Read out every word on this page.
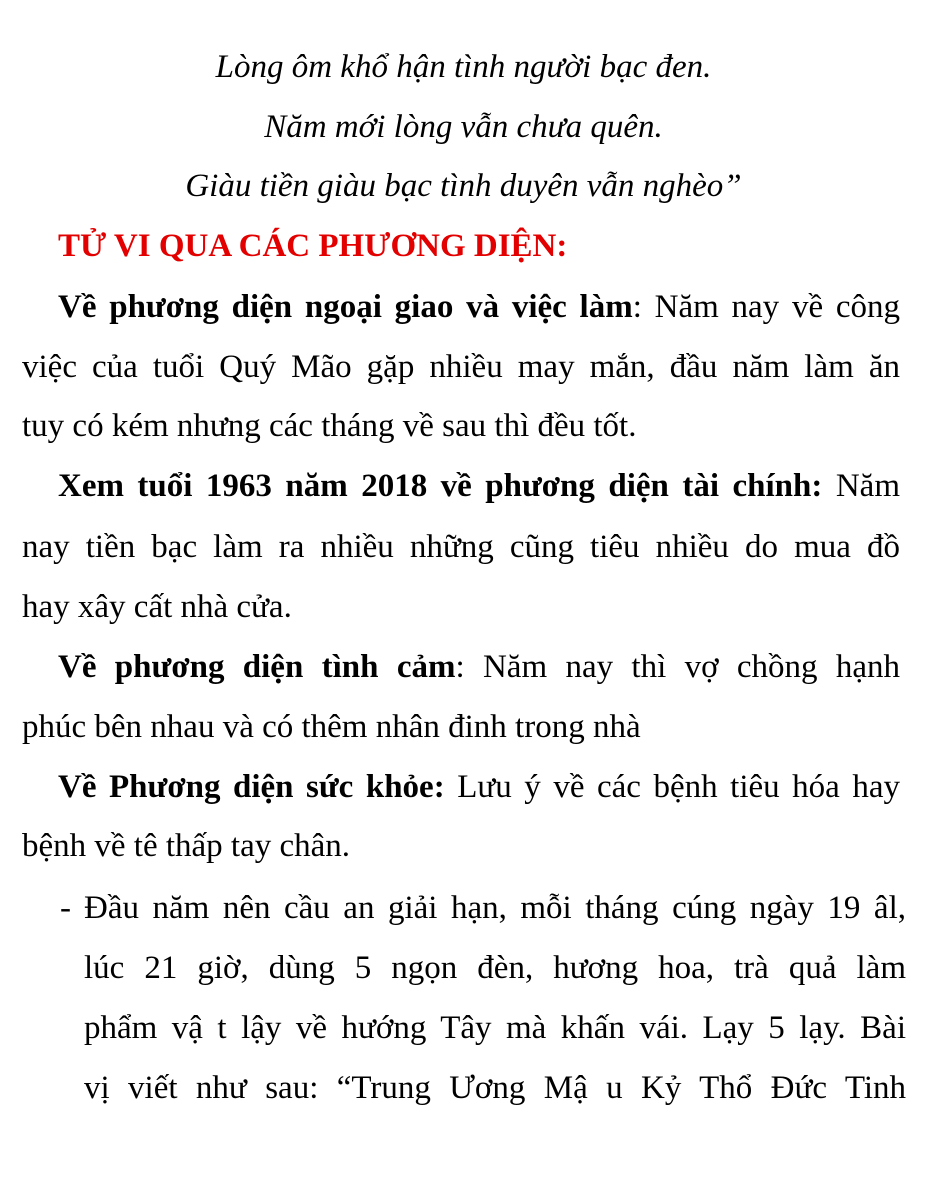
Lòng ôm khổ hận tình người bạc đen.

Năm mới lòng vẫn chưa quên.

Giàu tiền giàu bạc tình duyên vẫn nghèo”

TỬ VI QUA CÁC PHƯƠNG DIỆN:

Về phương diện ngoại giao và việc làm: Năm nay về công

việc của tuổi Quý Mão gặp nhiều may mắn, đầu năm làm ăn

tuy có kém nhưng các tháng về sau thì đều tốt.

Xem tuổi 1963 năm 2018 về phương diện tài chính: Năm

nay tiền bạc làm ra nhiều những cũng tiêu nhiều do mua đồ

hay xây cất nhà cửa.

Về phương diện tình cảm: Năm nay thì vợ chồng hạnh

phúc bên nhau và có thêm nhân đinh trong nhà

Về Phương diện sức khỏe: Lưu ý về các bệnh tiêu hóa hay

bệnh về tê thấp tay chân.

- Đầu năm nên cầu an giải hạn, mỗi tháng cúng ngày 19 âl,

lúc 21 giờ, dùng 5 ngọn đèn, hương hoa, trà quả làm

phẩm vậ t lậy về hướng Tây mà khấn vái. Lạy 5 lạy. Bài

vị viết như sau: “Trung Ương Mậ u Kỷ Thổ Đức Tinh
